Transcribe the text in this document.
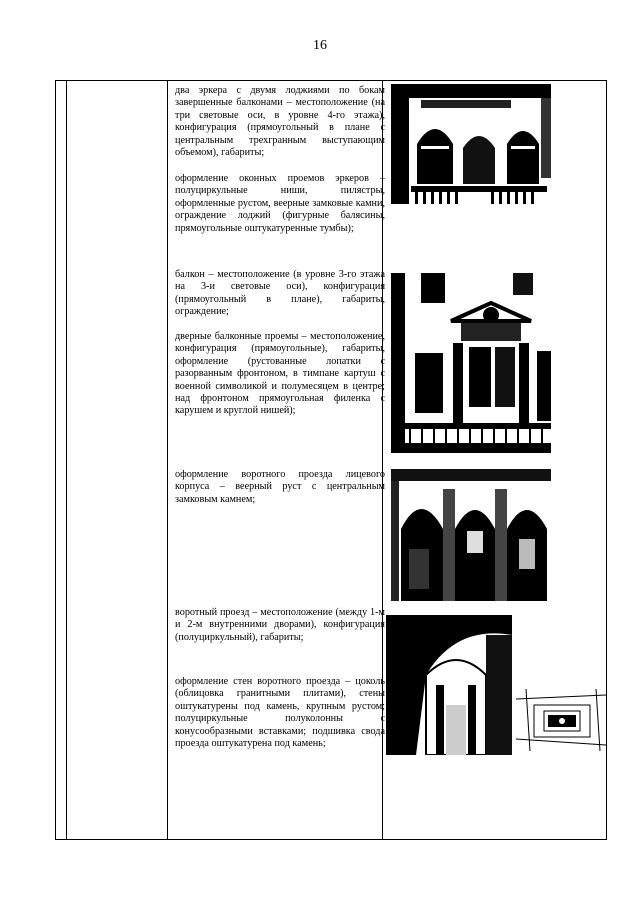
16
два эркера с двумя лоджиями по бокам завершенные балконами – местоположение (на три световые оси, в уровне 4-го этажа), конфигурация (прямоугольный в плане с центральным трехгранным выступающим объемом), габариты;
оформление оконных проемов эркеров – полуциркульные ниши, пилястры, оформленные рустом, веерные замковые камни, ограждение лоджий (фигурные балясины, прямоугольные оштукатуренные тумбы);
балкон – местоположение (в уровне 3-го этажа на 3-и световые оси), конфигурация (прямоугольный в плане), габариты, ограждение;
дверные балконные проемы – местоположение, конфигурация (прямоугольные), габариты, оформление (рустованные лопатки с разорванным фронтоном, в тимпане картуш с военной символикой и полумесяцем в центре; над фронтоном прямоугольная филенка с карушем и круглой нишей);
оформление воротного проезда лицевого корпуса – веерный руст с центральным замковым камнем;
воротный проезд – местоположение (между 1-м и 2-м внутренними дворами), конфигурация (полуциркульный), габариты;
оформление стен воротного проезда – цоколь (облицовка гранитными плитами), стены оштукатурены под камень, крупным рустом; полуциркульные полуколонны с конусообразными вставками; подшивка свода проезда оштукатурена под камень;
